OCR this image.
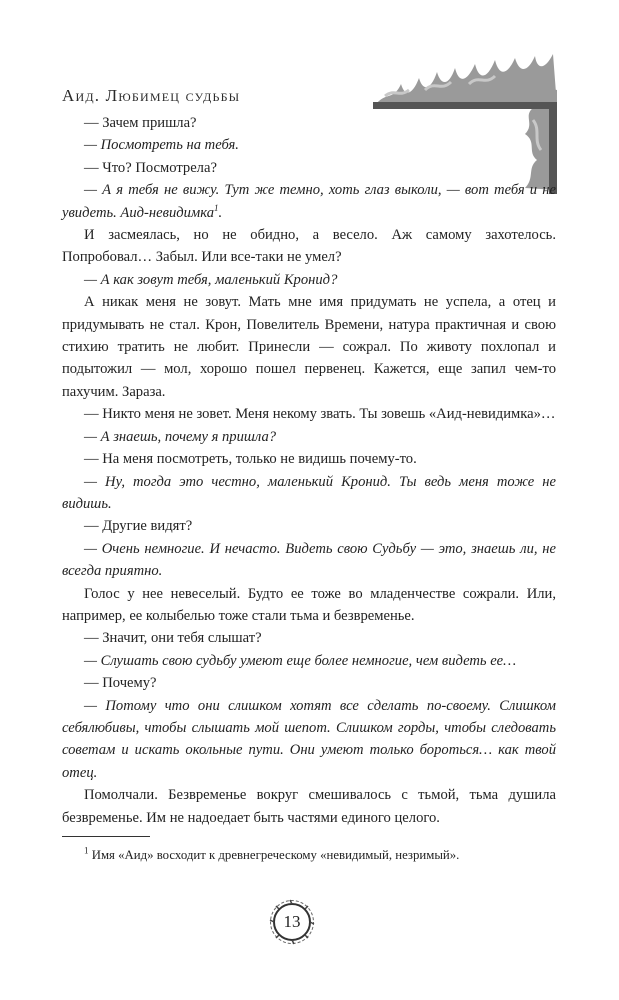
Аид. Любимец судьбы

— Зачем пришла?

— Посмотреть на тебя.

— Что? Посмотрела?

— А я тебя не вижу. Тут же темно, хоть глаз выколи, — вот тебя и не увидеть. Аид-невидимка$^1$.

И засмеялась, но не обидно, а весело. Аж самому захотелось. Попробовал… Забыл. Или все-таки не умел?

— А как зовут тебя, маленький Кронид?

А никак меня не зовут. Мать мне имя придумать не успела, а отец и придумывать не стал. Крон, Повелитель Времени, натура практичная и свою стихию тратить не любит. Принесли — сожрал. По животу похлопал и подытожил — мол, хорошо пошел первенец. Кажется, еще запил чем-то пахучим. Зараза.

— Никто меня не зовет. Меня некому звать. Ты зовешь «Аид-невидимка»…

— А знаешь, почему я пришла?

— На меня посмотреть, только не видишь почему-то.

— Ну, тогда это честно, маленький Кронид. Ты ведь меня тоже не видишь.

— Другие видят?

— Очень немногие. И нечасто. Видеть свою Судьбу — это, знаешь ли, не всегда приятно.

Голос у нее невеселый. Будто ее тоже во младенчестве сожрали. Или, например, ее колыбелью тоже стали тьма и безвременье.

— Значит, они тебя слышат?

— Слушать свою судьбу умеют еще более немногие, чем видеть ее…

— Почему?

— Потому что они слишком хотят все сделать по-своему. Слишком себялюбивы, чтобы слышать мой шепот. Слишком горды, чтобы следовать советам и искать окольные пути. Они умеют только бороться… как твой отец.

Помолчали. Безвременье вокруг смешивалось с тьмой, тьма душила безвременье. Им не надоедает быть частями единого целого.

$^1$ Имя «Аид» восходит к древнегреческому «невидимый, незримый».

13
